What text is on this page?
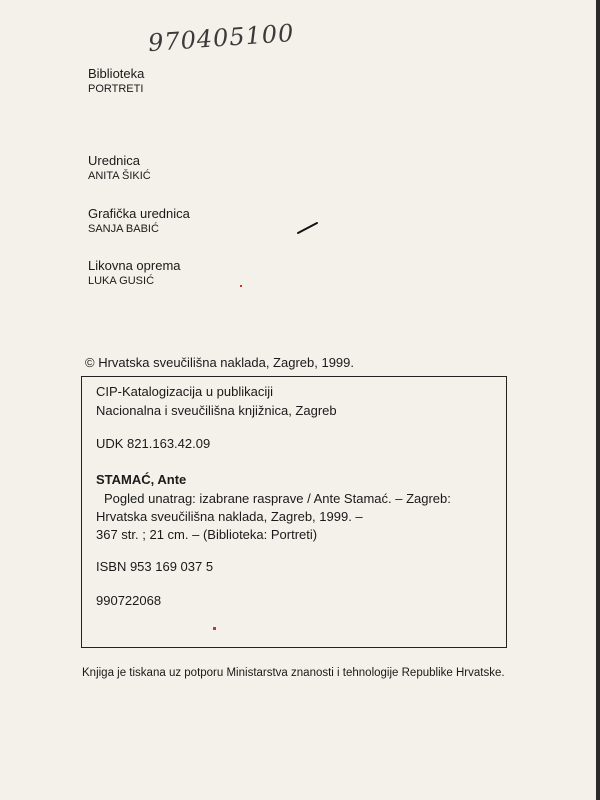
970405100
Biblioteka
PORTRETI
Urednica
ANITA ŠIKIĆ
Grafička urednica
SANJA BABIĆ
Likovna oprema
LUKA GUSIĆ
© Hrvatska sveučilišna naklada, Zagreb, 1999.
CIP-Katalogizacija u publikaciji
Nacionalna i sveučilišna knjižnica, Zagreb
UDK 821.163.42.09
STAMAĆ, Ante
Pogled unatrag: izabrane rasprave / Ante Stamać. – Zagreb:
Hrvatska sveučilišna naklada, Zagreb, 1999. –
367 str. ; 21 cm. – (Biblioteka: Portreti)
ISBN 953 169 037 5
990722068
Knjiga je tiskana uz potporu Ministarstva znanosti i tehnologije Republike Hrvatske.
